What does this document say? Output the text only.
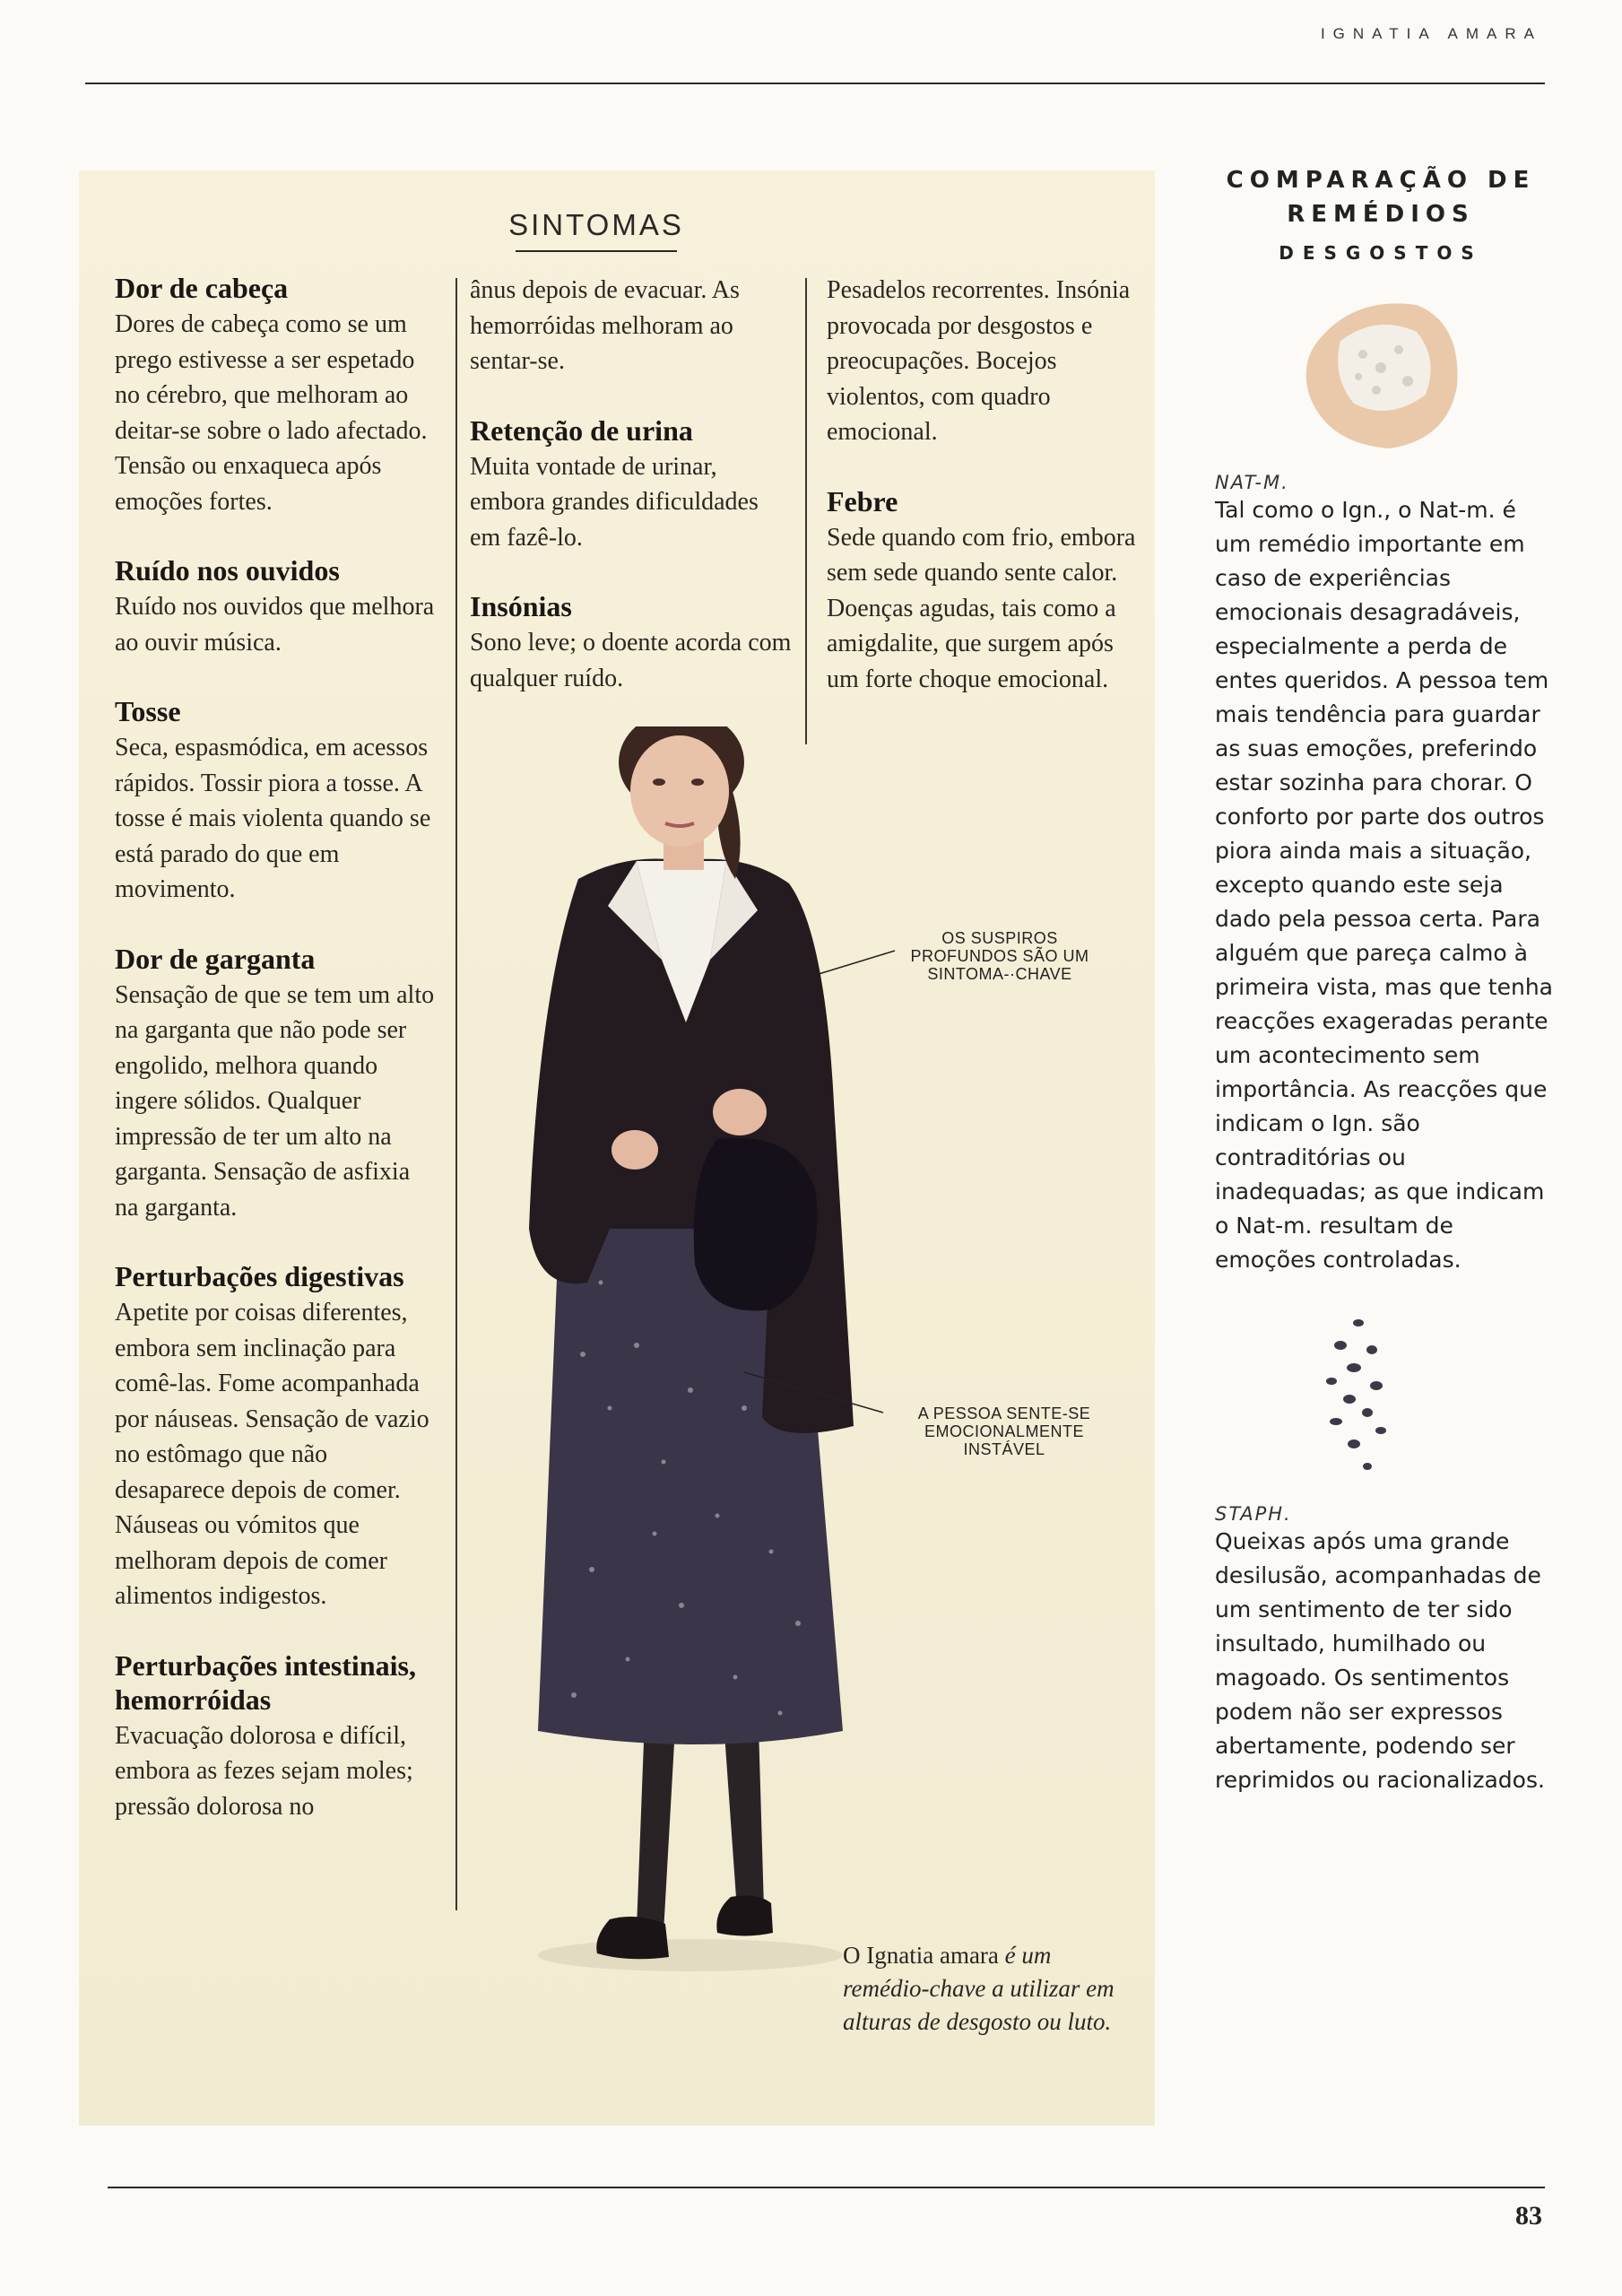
IGNATIA AMARA
SINTOMAS
Dor de cabeça

Dores de cabeça como se um prego estivesse a ser espetado no cérebro, que melhoram ao deitar-se sobre o lado afectado. Tensão ou enxaqueca após emoções fortes.

Ruído nos ouvidos

Ruído nos ouvidos que melhora ao ouvir música.

Tosse

Seca, espasmódica, em acessos rápidos. Tossir piora a tosse. A tosse é mais violenta quando se está parado do que em movimento.

Dor de garganta

Sensação de que se tem um alto na garganta que não pode ser engolido, melhora quando ingere sólidos. Qualquer impressão de ter um alto na garganta. Sensação de asfixia na garganta.

Perturbações digestivas

Apetite por coisas diferentes, embora sem inclinação para comê-las. Fome acompanhada por náuseas. Sensação de vazio no estômago que não desaparece depois de comer. Náuseas ou vómitos que melhoram depois de comer alimentos indigestos.

Perturbações intestinais, hemorróidas

Evacuação dolorosa e difícil, embora as fezes sejam moles; pressão dolorosa no

ânus depois de evacuar. As hemorróidas melhoram ao sentar-se.

Retenção de urina

Muita vontade de urinar, embora grandes dificuldades em fazê-lo.

Insónias

Sono leve; o doente acorda com qualquer ruído.

Pesadelos recorrentes. Insónia provocada por desgostos e preocupações. Bocejos violentos, com quadro emocional.

Febre

Sede quando com frio, embora sem sede quando sente calor. Doenças agudas, tais como a amigdalite, que surgem após um forte choque emocional.

OS SUSPIROS PROFUNDOS SÃO UM SINTOMA-·CHAVE
A PESSOA SENTE-SE EMOCIONALMENTE INSTÁVEL
O Ignatia amara é um remédio-chave a utilizar em alturas de desgosto ou luto.
COMPARAÇÃO DE REMÉDIOS
DESGOSTOS
NAT-M.
Tal como o Ign., o Nat-m. é um remédio importante em caso de experiências emocionais desagradáveis, especialmente a perda de entes queridos. A pessoa tem mais tendência para guardar as suas emoções, preferindo estar sozinha para chorar. O conforto por parte dos outros piora ainda mais a situação, excepto quando este seja dado pela pessoa certa. Para alguém que pareça calmo à primeira vista, mas que tenha reacções exageradas perante um acontecimento sem importância. As reacções que indicam o Ign. são contraditórias ou inadequadas; as que indicam o Nat-m. resultam de emoções controladas.
STAPH.
Queixas após uma grande desilusão, acompanhadas de um sentimento de ter sido insultado, humilhado ou magoado. Os sentimentos podem não ser expressos abertamente, podendo ser reprimidos ou racionalizados.
83
